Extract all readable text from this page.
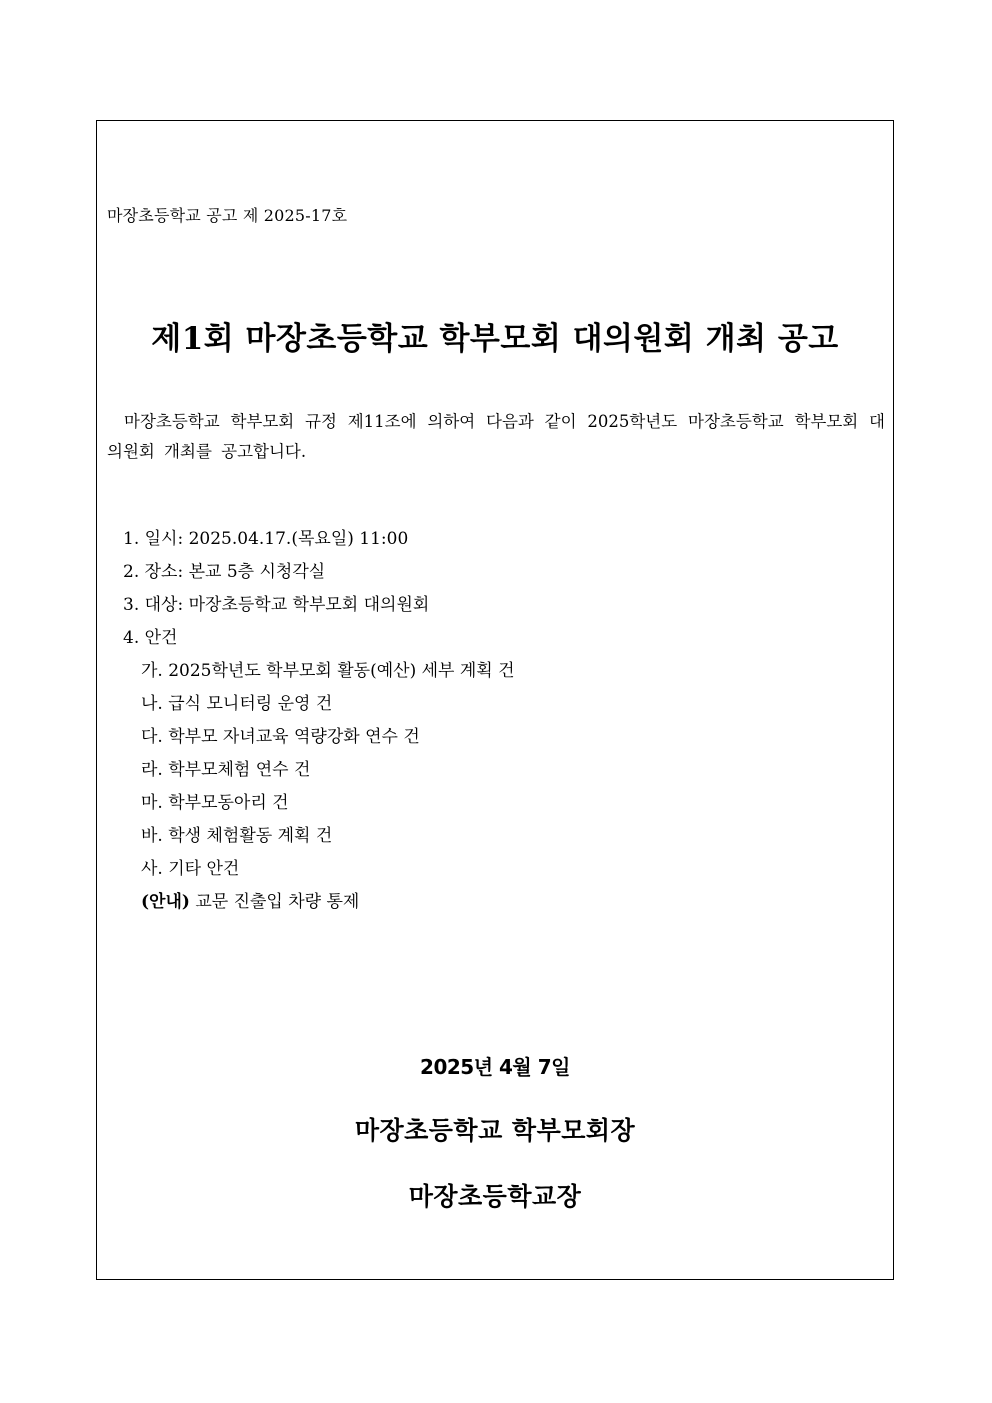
마장초등학교 공고 제 2025-17호
제1회 마장초등학교 학부모회 대의원회 개최 공고
마장초등학교 학부모회 규정 제11조에 의하여 다음과 같이 2025학년도 마장초등학교 학부모회 대의원회 개최를 공고합니다.
1. 일시: 2025.04.17.(목요일) 11:00
2. 장소: 본교 5층 시청각실
3. 대상: 마장초등학교 학부모회 대의원회
4. 안건
가. 2025학년도 학부모회 활동(예산) 세부 계획 건
나. 급식 모니터링 운영 건
다. 학부모 자녀교육 역량강화 연수 건
라. 학부모체험 연수 건
마. 학부모동아리 건
바. 학생 체험활동 계획 건
사. 기타 안건
(안내) 교문 진출입 차량 통제
2025년 4월 7일
마장초등학교 학부모회장
마장초등학교장
